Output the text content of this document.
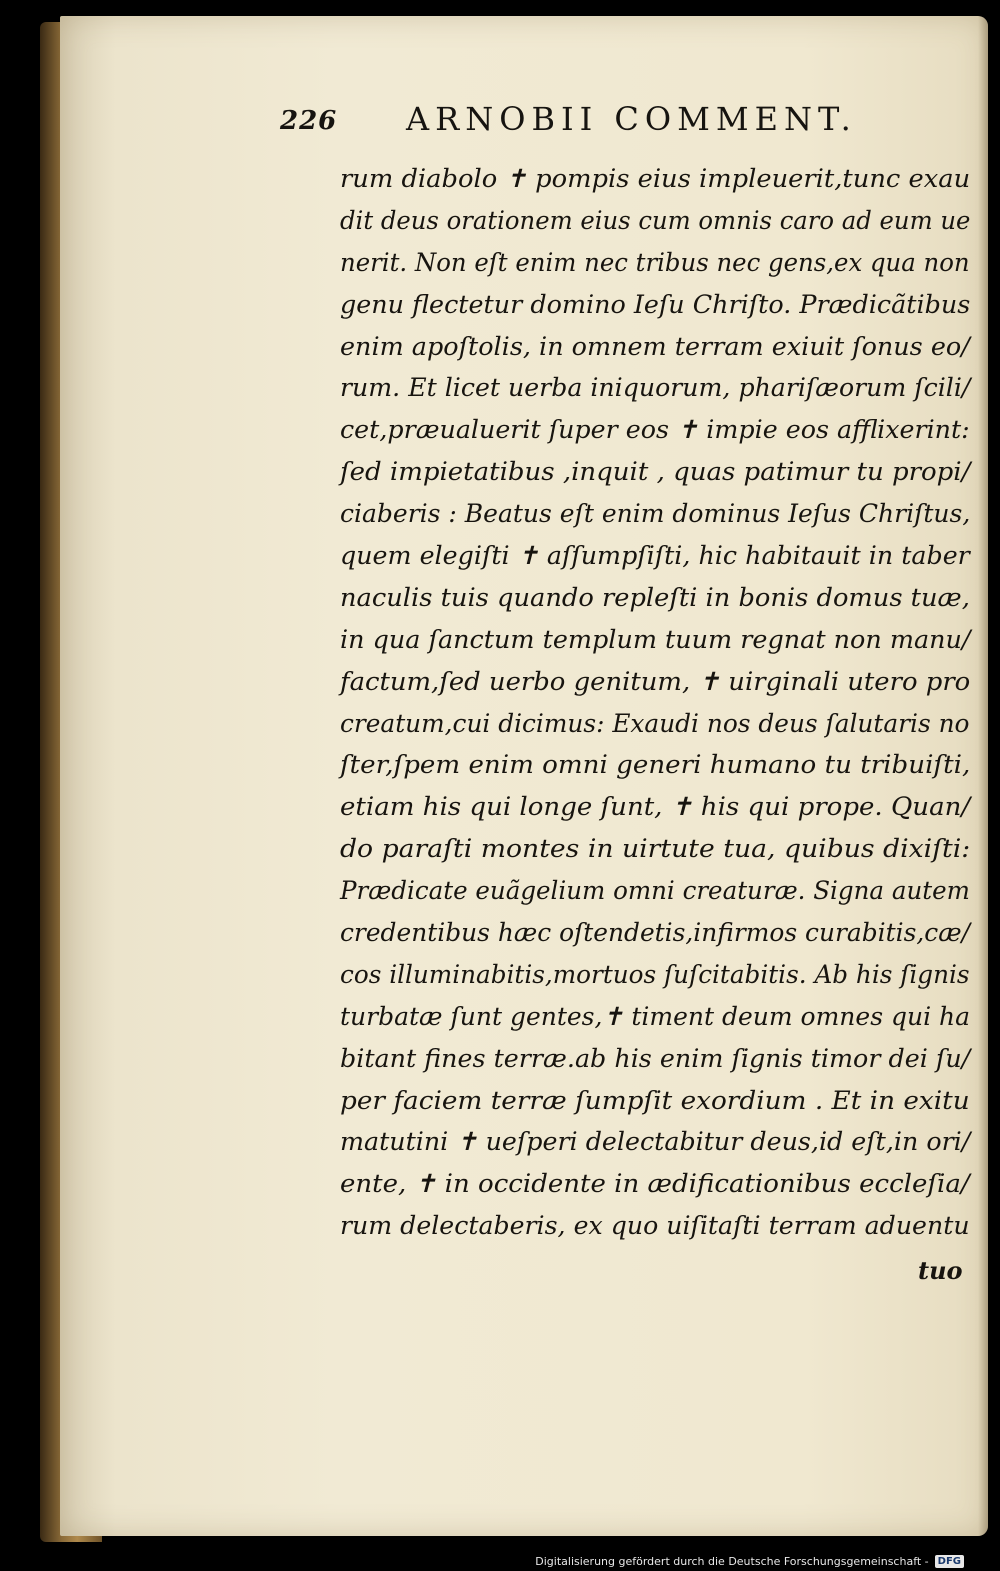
226 ARNOBII COMMENT.
rum diabolo ✝ pompis eius impleuerit,tunc exau
dit deus orationem eius cum omnis caro ad eum ue
nerit. Non eſt enim nec tribus nec gens,ex qua non
genu flectetur domino Ieſu Chriſto. Prædicãtibus
enim apoſtolis, in omnem terram exiuit ſonus eo/
rum. Et licet uerba iniquorum, phariſæorum ſcili/
cet,præualuerit ſuper eos ✝ impie eos afflixerint:
ſed impietatibus ,inquit , quas patimur tu propi/
ciaberis : Beatus eſt enim dominus Ieſus Chriſtus,
quem elegiſti ✝ aſſumpſiſti, hic habitauit in taber
naculis tuis quando repleſti in bonis domus tuæ,
in qua ſanctum templum tuum regnat non manu/
factum,ſed uerbo genitum, ✝ uirginali utero pro
creatum,cui dicimus: Exaudi nos deus ſalutaris no
ſter,ſpem enim omni generi humano tu tribuiſti,
etiam his qui longe ſunt, ✝ his qui prope. Quan/
do paraſti montes in uirtute tua, quibus dixiſti:
Prædicate euãgelium omni creaturæ. Signa autem
credentibus hæc oſtendetis,infirmos curabitis,cæ/
cos illuminabitis,mortuos ſuſcitabitis. Ab his ſignis
turbatæ ſunt gentes,✝ timent deum omnes qui ha
bitant fines terræ.ab his enim ſignis timor dei ſu/
per faciem terræ ſumpſit exordium . Et in exitu
matutini ✝ ueſperi delectabitur deus,id eſt,in ori/
ente, ✝ in occidente in ædificationibus eccleſia/
rum delectaberis, ex quo uiſitaſti terram aduentu
tuo
Digitalisierung gefördert durch die Deutsche Forschungsgemeinschaft - DFG
